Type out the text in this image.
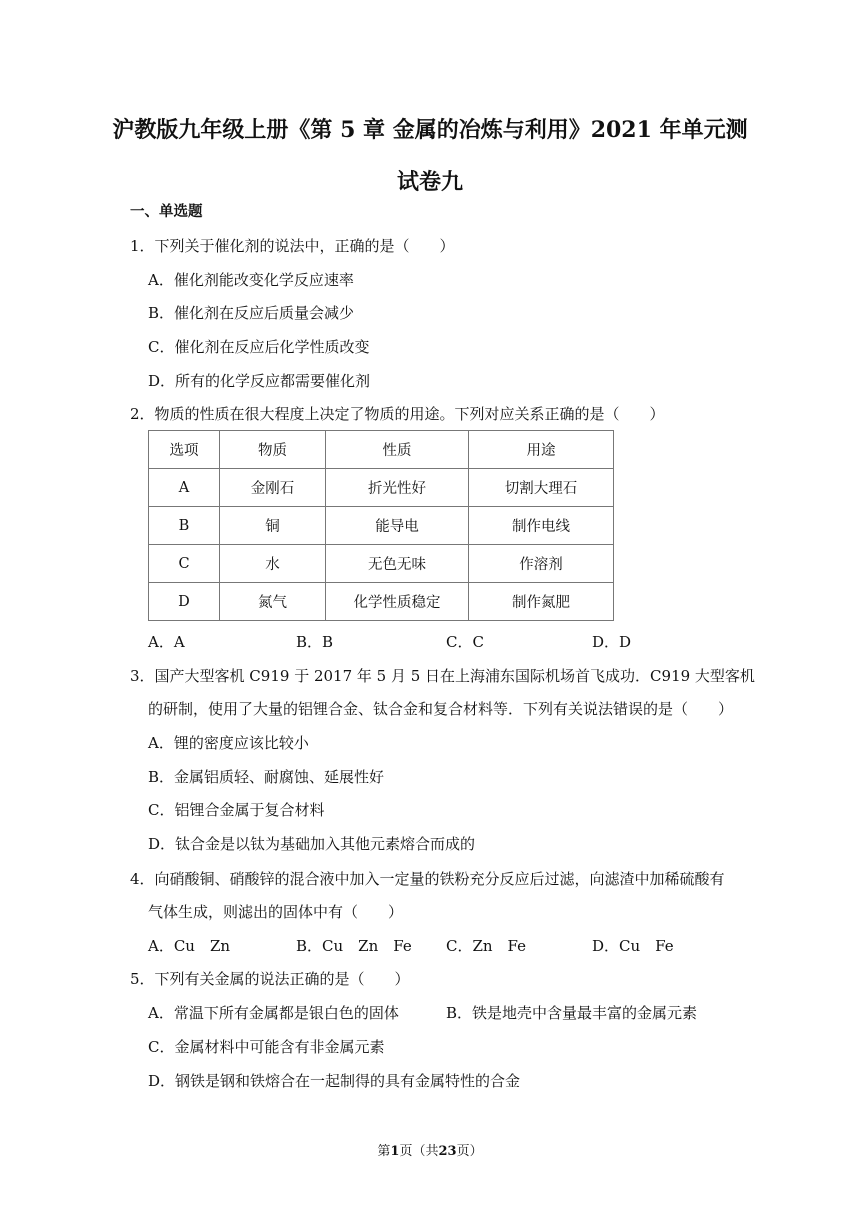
沪教版九年级上册《第 5 章 金属的冶炼与利用》2021 年单元测
试卷九
一、单选题
1．下列关于催化剂的说法中，正确的是（　　）
A．催化剂能改变化学反应速率
B．催化剂在反应后质量会减少
C．催化剂在反应后化学性质改变
D．所有的化学反应都需要催化剂
2．物质的性质在很大程度上决定了物质的用途。下列对应关系正确的是（　　）
选项	物质	性质	用途
A	金刚石	折光性好	切割大理石
B	铜	能导电	制作电线
C	水	无色无味	作溶剂
D	氮气	化学性质稳定	制作氮肥
A．A	B．B	C．C	D．D
3．国产大型客机 C919 于 2017 年 5 月 5 日在上海浦东国际机场首飞成功．C919 大型客机
的研制，使用了大量的铝锂合金、钛合金和复合材料等．下列有关说法错误的是（　　）
A．锂的密度应该比较小
B．金属铝质轻、耐腐蚀、延展性好
C．铝锂合金属于复合材料
D．钛合金是以钛为基础加入其他元素熔合而成的
4．向硝酸铜、硝酸锌的混合液中加入一定量的铁粉充分反应后过滤，向滤渣中加稀硫酸有
气体生成，则滤出的固体中有（　　）
A．Cu　Zn	B．Cu　Zn　Fe C．Zn　Fe	D．Cu　Fe
5．下列有关金属的说法正确的是（　　）
A．常温下所有金属都是银白色的固体	B．铁是地壳中含量最丰富的金属元素
C．金属材料中可能含有非金属元素
D．钢铁是钢和铁熔合在一起制得的具有金属特性的合金
第1页（共23页）
